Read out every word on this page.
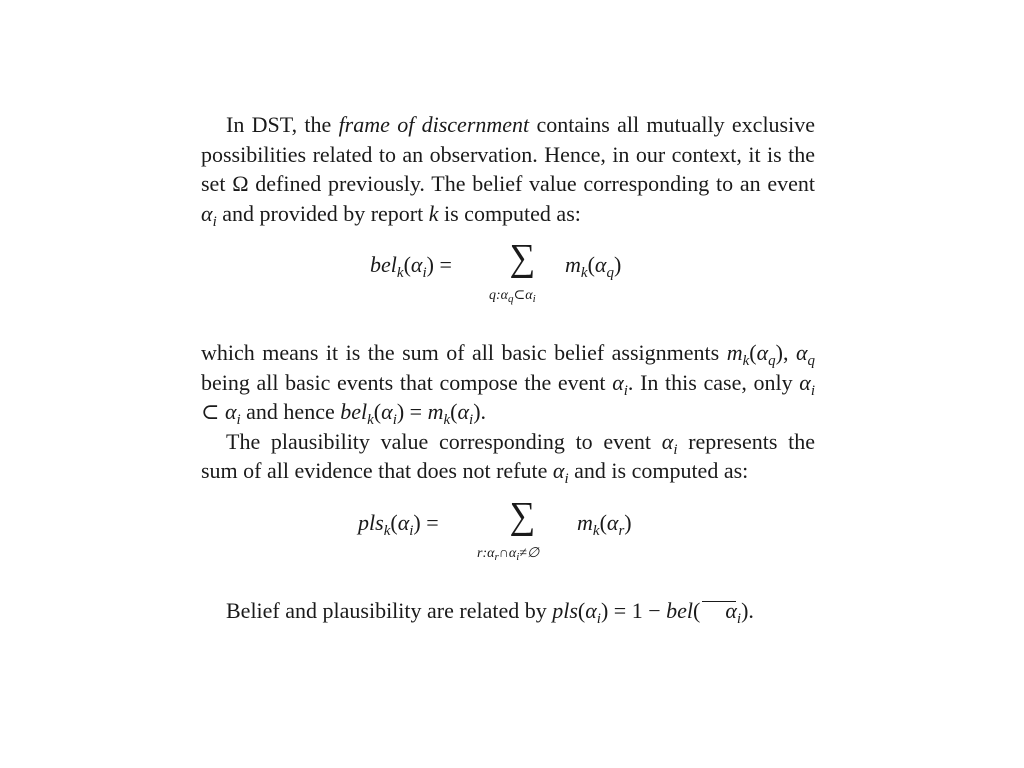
In DST, the frame of discernment contains all mutually exclusive possibilities related to an observation. Hence, in our context, it is the set Ω defined previously. The belief value corresponding to an event $\alpha_i$ and provided by report k is computed as:

$bel_k(\alpha_i)$ = ∑
$q:\alpha_q\subset\alpha_i$
$m_k(\alpha_q)$

which means it is the sum of all basic belief assignments $m_k(\alpha_q)$, $\alpha_q$ being all basic events that compose the event $\alpha_i$. In this case, only $\alpha_i$ ⊂ $\alpha_i$ and hence $bel_k(\alpha_i) = m_k(\alpha_i)$.

The plausibility value corresponding to event $\alpha_i$ represents the sum of all evidence that does not refute $\alpha_i$ and is computed as:

$pls_k(\alpha_i)$ = ∑
$r:\alpha_r\cap\alpha_i\ne\emptyset$
$m_k(\alpha_r)$

Belief and plausibility are related by $pls(\alpha_i) = 1 - bel$( $\alpha_i$).
